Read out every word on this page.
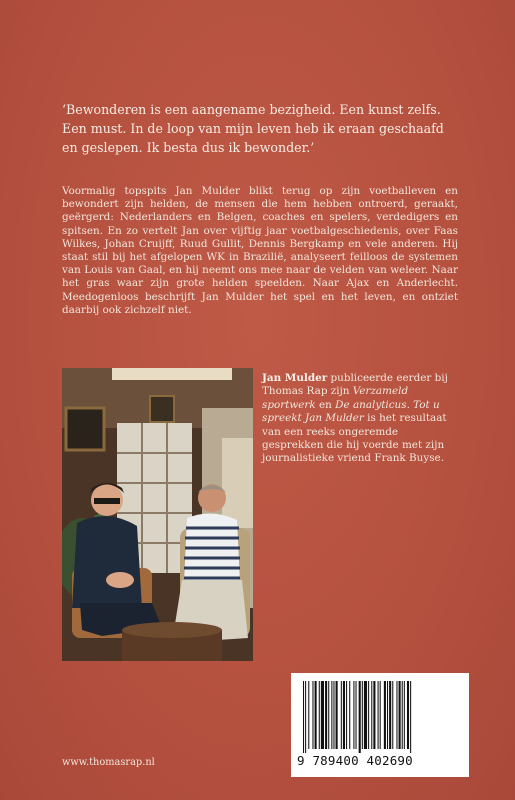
‘Bewonderen is een aangename bezigheid. Een kunst zelfs. Een must. In de loop van mijn leven heb ik eraan geschaafd en geslepen. Ik besta dus ik bewonder.’
Voormalig topspits Jan Mulder blikt terug op zijn voetballeven en bewondert zijn helden, de mensen die hem hebben ontroerd, geraakt, geërgerd: Nederlanders en Belgen, coaches en spelers, verdedigers en spitsen. En zo vertelt Jan over vijftig jaar voetbalgeschiedenis, over Faas Wilkes, Johan Cruijff, Ruud Gullit, Dennis Bergkamp en vele anderen. Hij staat stil bij het afgelopen WK in Brazilië, analyseert feilloos de systemen van Louis van Gaal, en hij neemt ons mee naar de velden van weleer. Naar het gras waar zijn grote helden speelden. Naar Ajax en Anderlecht. Meedogenloos beschrijft Jan Mulder het spel en het leven, en ontziet daarbij ook zichzelf niet.
Jan Mulder publiceerde eerder bij Thomas Rap zijn Verzameld sportwerk en De analyticus. Tot u spreekt Jan Mulder is het resultaat van een reeks ongeremde gesprekken die hij voerde met zijn journalistieke vriend Frank Buyse.
9 789400 402690
www.thomasrap.nl
